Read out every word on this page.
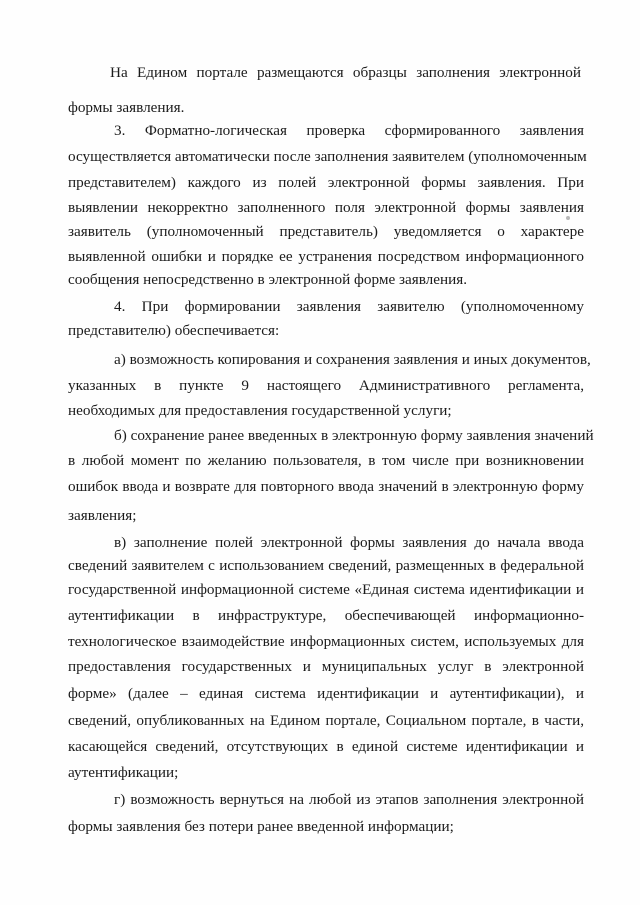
На Едином портале размещаются образцы заполнения электронной
формы заявления.
3. Форматно-логическая проверка сформированного заявления
осуществляется автоматически после заполнения заявителем (уполномоченным
представителем) каждого из полей электронной формы заявления. При
выявлении некорректно заполненного поля электронной формы заявления
заявитель (уполномоченный представитель) уведомляется о характере
выявленной ошибки и порядке ее устранения посредством информационного
сообщения непосредственно в электронной форме заявления.
4. При формировании заявления заявителю (уполномоченному
представителю) обеспечивается:
а) возможность копирования и сохранения заявления и иных документов,
указанных в пункте 9 настоящего Административного регламента,
необходимых для предоставления государственной услуги;
б) сохранение ранее введенных в электронную форму заявления значений
в любой момент по желанию пользователя, в том числе при возникновении
ошибок ввода и возврате для повторного ввода значений в электронную форму
заявления;
в) заполнение полей электронной формы заявления до начала ввода
сведений заявителем с использованием сведений, размещенных в федеральной
государственной информационной системе «Единая система идентификации и
аутентификации в инфраструктуре, обеспечивающей информационно-
технологическое взаимодействие информационных систем, используемых для
предоставления государственных и муниципальных услуг в электронной
форме» (далее – единая система идентификации и аутентификации), и
сведений, опубликованных на Едином портале, Социальном портале, в части,
касающейся сведений, отсутствующих в единой системе идентификации и
аутентификации;
г) возможность вернуться на любой из этапов заполнения электронной
формы заявления без потери ранее введенной информации;
